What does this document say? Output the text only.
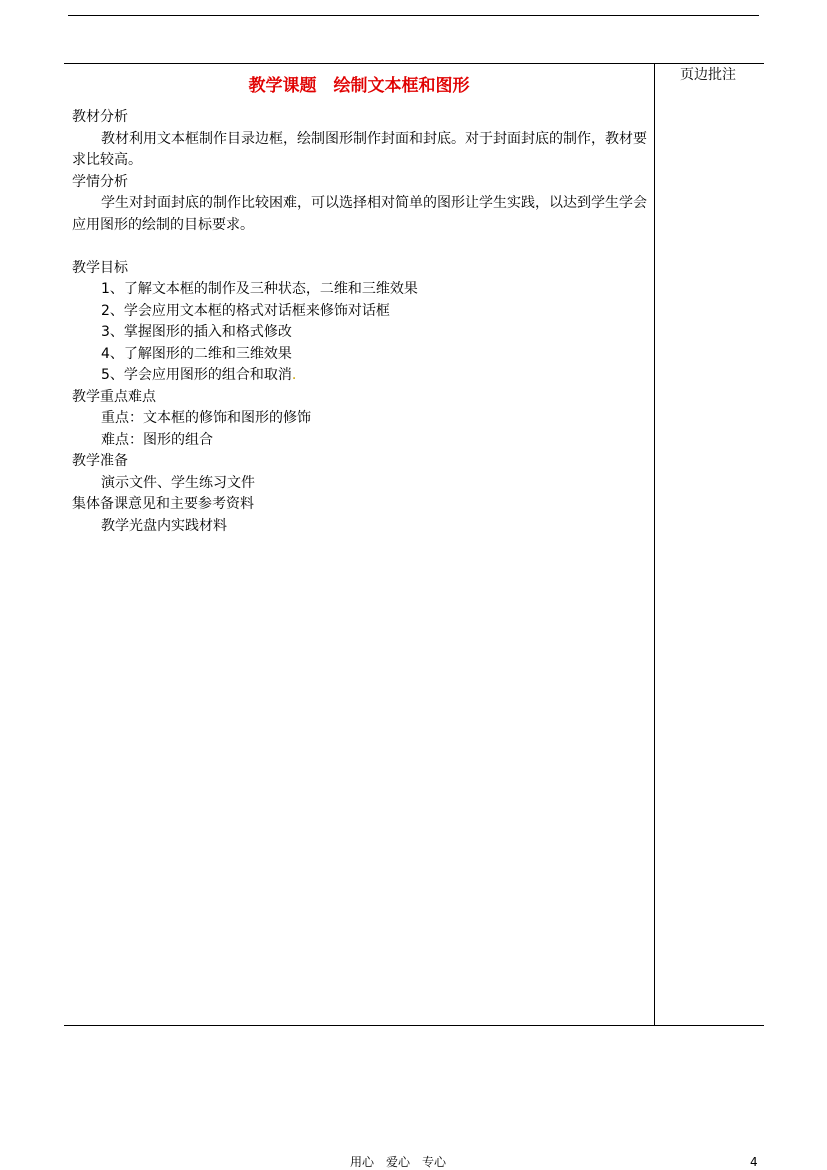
页边批注
教学课题　绘制文本框和图形

教材分析

教材利用文本框制作目录边框，绘制图形制作封面和封底。对于封面封底的制作，教材要求比较高。

学情分析

学生对封面封底的制作比较困难，可以选择相对简单的图形让学生实践，以达到学生学会应用图形的绘制的目标要求。

教学目标

1、了解文本框的制作及三种状态，二维和三维效果

2、学会应用文本框的格式对话框来修饰对话框

3、掌握图形的插入和格式修改

4、了解图形的二维和三维效果

5、学会应用图形的组合和取消.

教学重点难点

重点：文本框的修饰和图形的修饰

难点：图形的组合

教学准备

演示文件、学生练习文件

集体备课意见和主要参考资料

教学光盘内实践材料

用心　爱心　专心	4
